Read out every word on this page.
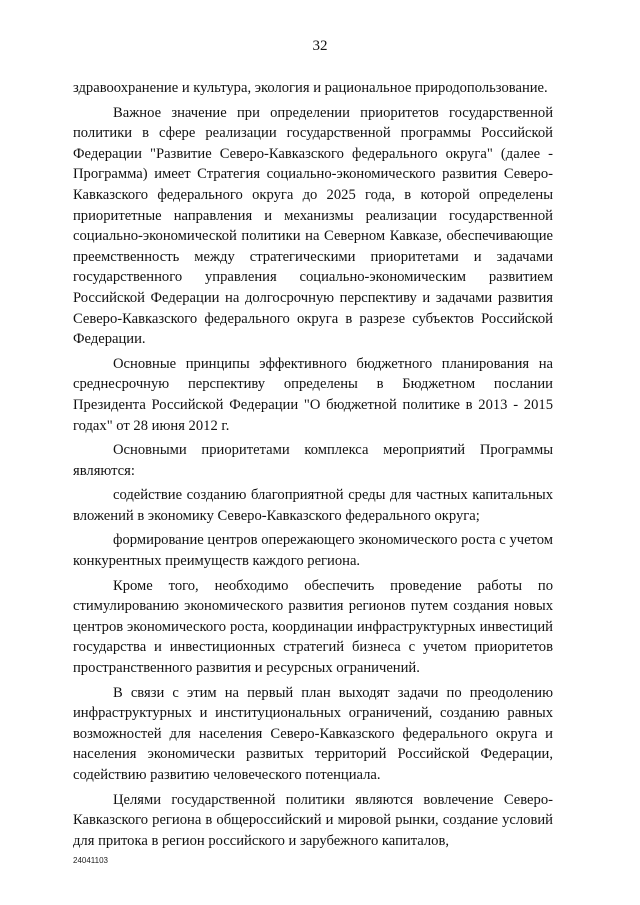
32

здравоохранение и культура, экология и рациональное природопользование.

Важное значение при определении приоритетов государственной политики в сфере реализации государственной программы Российской Федерации "Развитие Северо-Кавказского федерального округа" (далее - Программа) имеет Стратегия социально-экономического развития Северо-Кавказского федерального округа до 2025 года, в которой определены приоритетные направления и механизмы реализации государственной социально-экономической политики на Северном Кавказе, обеспечивающие преемственность между стратегическими приоритетами и задачами государственного управления социально-экономическим развитием Российской Федерации на долгосрочную перспективу и задачами развития Северо-Кавказского федерального округа в разрезе субъектов Российской Федерации.

Основные принципы эффективного бюджетного планирования на среднесрочную перспективу определены в Бюджетном послании Президента Российской Федерации "О бюджетной политике в 2013 - 2015 годах" от 28 июня 2012 г.

Основными приоритетами комплекса мероприятий Программы являются:

содействие созданию благоприятной среды для частных капитальных вложений в экономику Северо-Кавказского федерального округа;

формирование центров опережающего экономического роста с учетом конкурентных преимуществ каждого региона.

Кроме того, необходимо обеспечить проведение работы по стимулированию экономического развития регионов путем создания новых центров экономического роста, координации инфраструктурных инвестиций государства и инвестиционных стратегий бизнеса с учетом приоритетов пространственного развития и ресурсных ограничений.

В связи с этим на первый план выходят задачи по преодолению инфраструктурных и институциональных ограничений, созданию равных возможностей для населения Северо-Кавказского федерального округа и населения экономически развитых территорий Российской Федерации, содействию развитию человеческого потенциала.

Целями государственной политики являются вовлечение Северо-Кавказского региона в общероссийский и мировой рынки, создание условий для притока в регион российского и зарубежного капиталов,

24041103
